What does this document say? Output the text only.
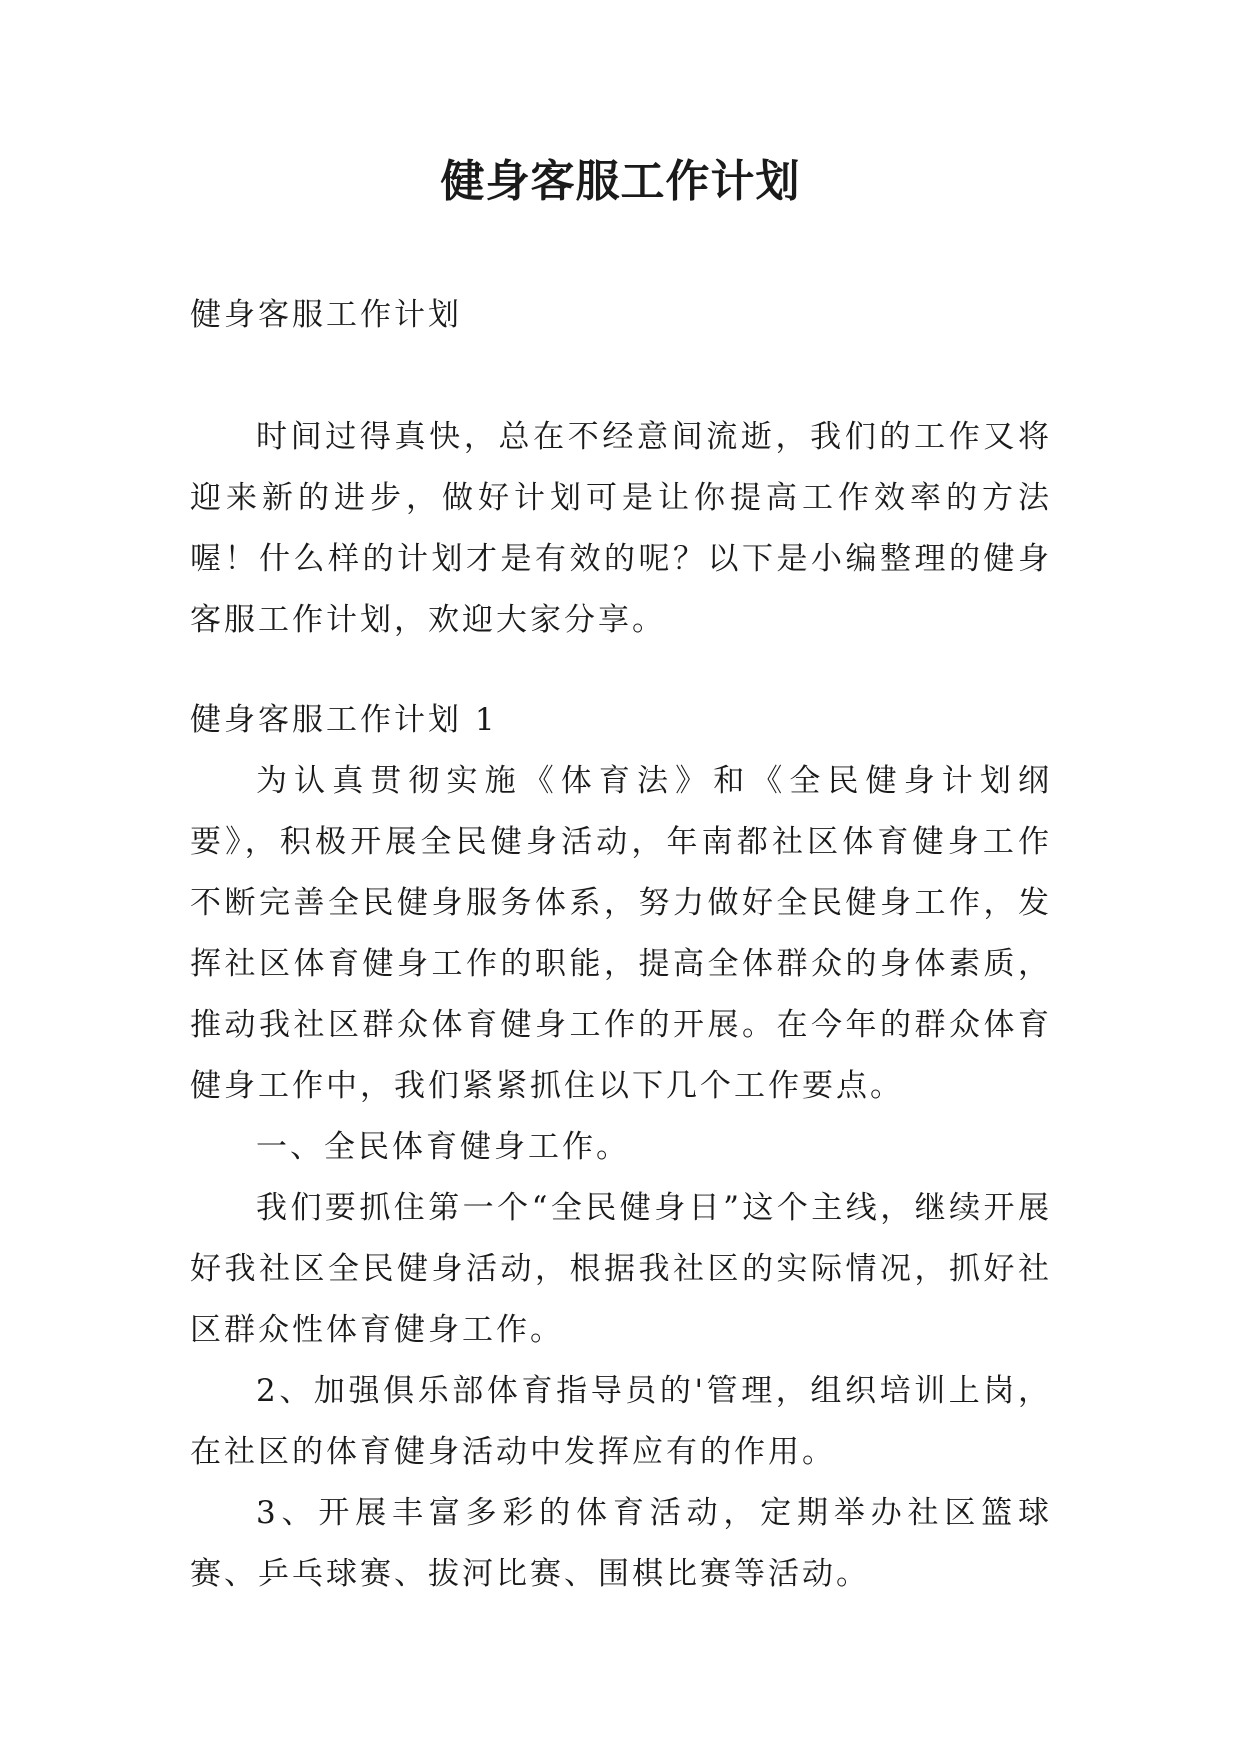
健身客服工作计划

健身客服工作计划

时间过得真快，总在不经意间流逝，我们的工作又将迎来新的进步，做好计划可是让你提高工作效率的方法喔！什么样的计划才是有效的呢？以下是小编整理的健身客服工作计划，欢迎大家分享。

健身客服工作计划 1

为认真贯彻实施《体育法》和《全民健身计划纲要》，积极开展全民健身活动，年南都社区体育健身工作不断完善全民健身服务体系，努力做好全民健身工作，发挥社区体育健身工作的职能，提高全体群众的身体素质，推动我社区群众体育健身工作的开展。在今年的群众体育健身工作中，我们紧紧抓住以下几个工作要点。

一、全民体育健身工作。

我们要抓住第一个“全民健身日”这个主线，继续开展好我社区全民健身活动，根据我社区的实际情况，抓好社区群众性体育健身工作。

2、加强俱乐部体育指导员的'管理，组织培训上岗，在社区的体育健身活动中发挥应有的作用。

3、开展丰富多彩的体育活动，定期举办社区篮球赛、乒乓球赛、拔河比赛、围棋比赛等活动。
